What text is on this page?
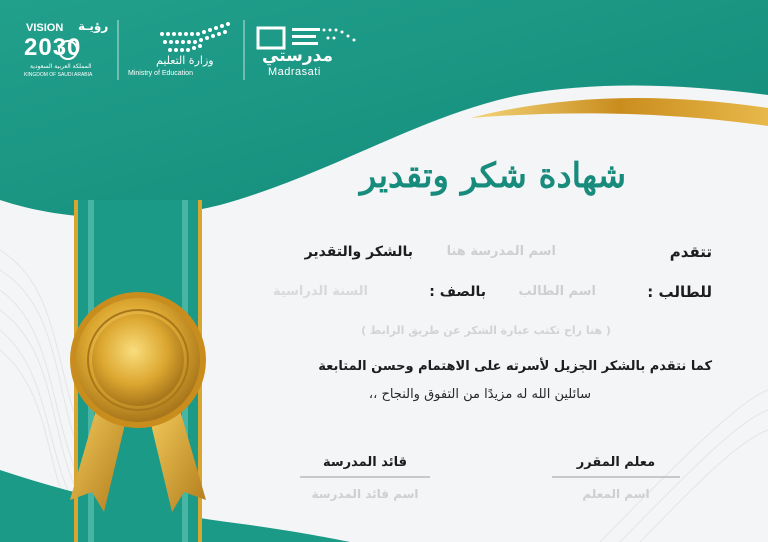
مدرستي
Madrasati
وزارة التعليم
Ministry of Education
VISION رؤيـة
2030
المملكة العربية السعودية
KINGDOM OF SAUDI ARABIA
شهادة شكر وتقدير
تتقدم
اسم المدرسة هنا
بالشكر والتقدير
للطالب :
اسم الطالب
بالصف :
السنة الدراسية
( هنا راح تكتب عبارة الشكر عن طريق الرابط )
كما نتقدم بالشكر الجزيل لأسرته على الاهتمام وحسن المتابعة
سائلين الله له مزيدًا من التفوق والنجاح ،،
معلم المقرر
اسم المعلم
قائد المدرسة
اسم قائد المدرسة
